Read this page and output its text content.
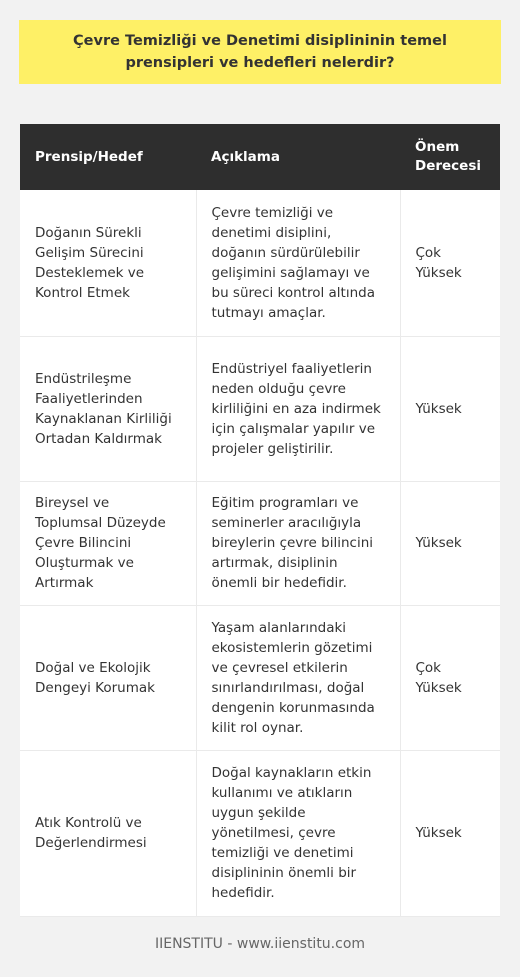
Çevre Temizliği ve Denetimi disiplininin temel prensipleri ve hedefleri nelerdir?
Prensip/Hedef	Açıklama	Önem Derecesi
Doğanın Sürekli Gelişim Sürecini Desteklemek ve Kontrol Etmek	Çevre temizliği ve denetimi disiplini, doğanın sürdürülebilir gelişimini sağlamayı ve bu süreci kontrol altında tutmayı amaçlar.	Çok Yüksek
Endüstrileşme Faaliyetlerinden Kaynaklanan Kirliliği Ortadan Kaldırmak	Endüstriyel faaliyetlerin neden olduğu çevre kirliliğini en aza indirmek için çalışmalar yapılır ve projeler geliştirilir.	Yüksek
Bireysel ve Toplumsal Düzeyde Çevre Bilincini Oluşturmak ve Artırmak	Eğitim programları ve seminerler aracılığıyla bireylerin çevre bilincini artırmak, disiplinin önemli bir hedefidir.	Yüksek
Doğal ve Ekolojik Dengeyi Korumak	Yaşam alanlarındaki ekosistemlerin gözetimi ve çevresel etkilerin sınırlandırılması, doğal dengenin korunmasında kilit rol oynar.	Çok Yüksek
Atık Kontrolü ve Değerlendirmesi	Doğal kaynakların etkin kullanımı ve atıkların uygun şekilde yönetilmesi, çevre temizliği ve denetimi disiplininin önemli bir hedefidir.	Yüksek
IIENSTITU - www.iienstitu.com
